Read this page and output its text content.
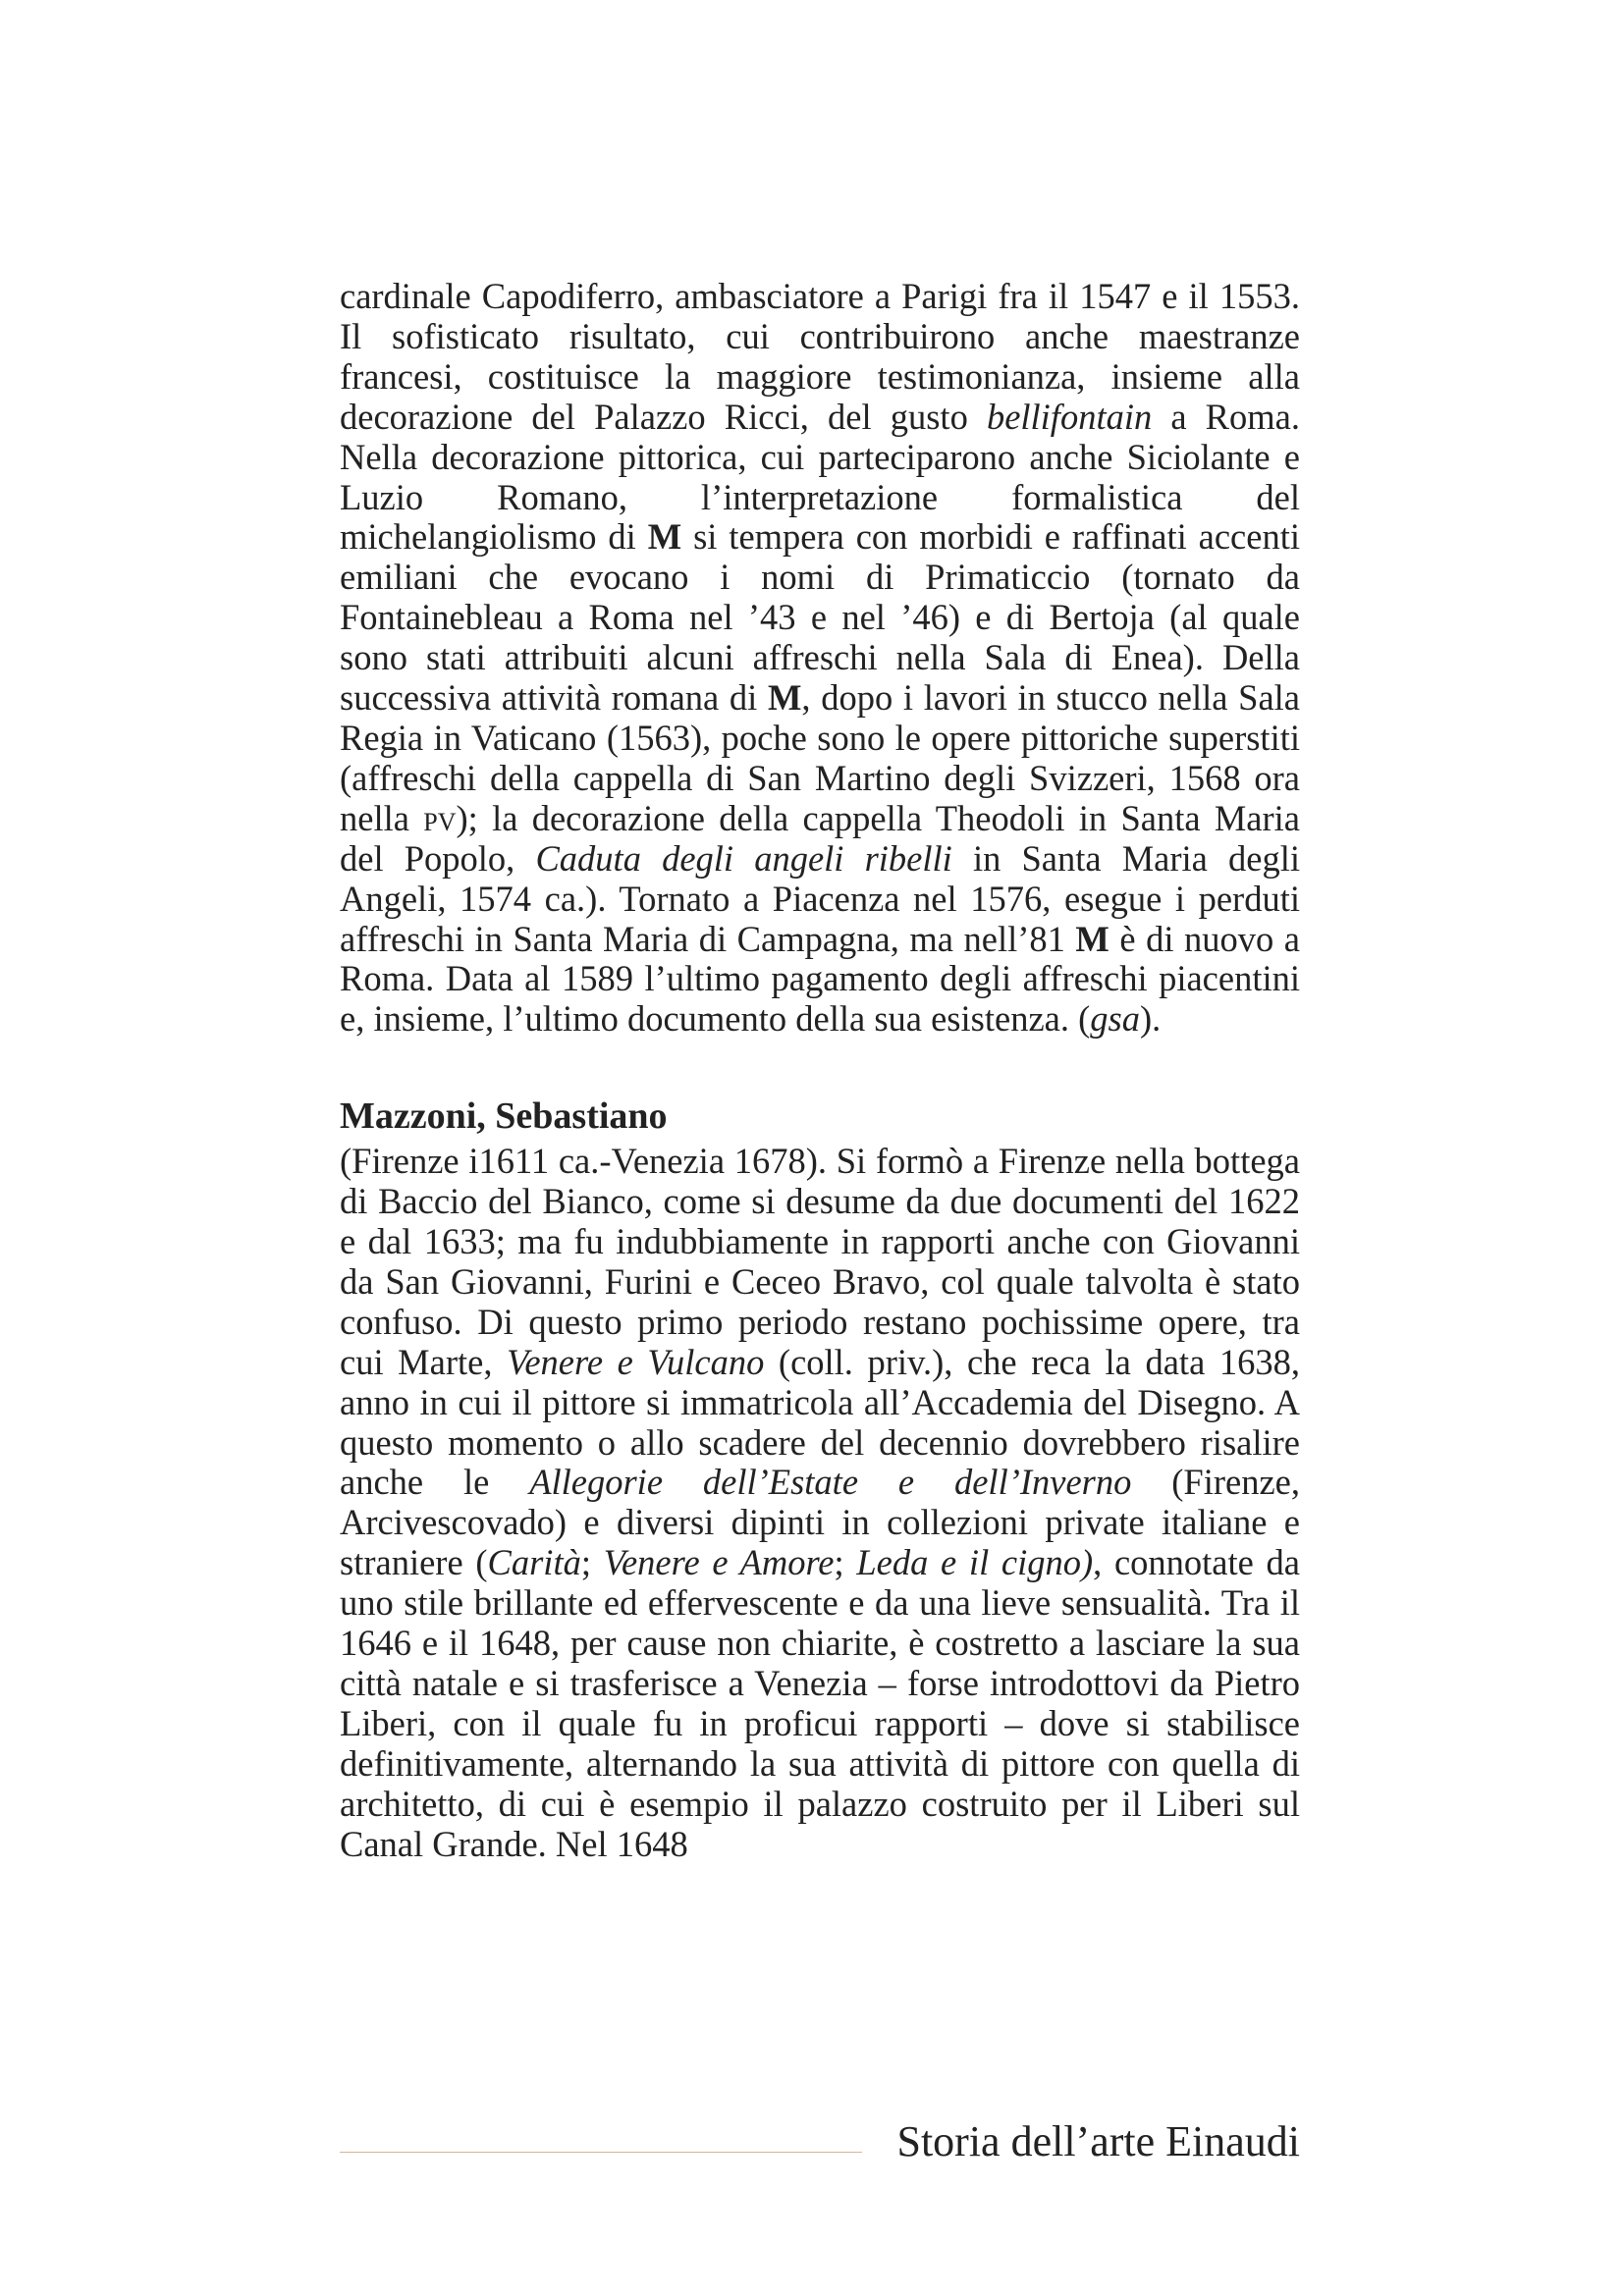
cardinale Capodiferro, ambasciatore a Parigi fra il 1547 e il 1553. Il sofisticato risultato, cui contribuirono anche maestranze francesi, costituisce la maggiore testimonianza, insieme alla decorazione del Palazzo Ricci, del gusto bellifontain a Roma. Nella decorazione pittorica, cui parteciparono anche Siciolante e Luzio Romano, l’interpretazione formalistica del michelangiolismo di M si tempera con morbidi e raffinati accenti emiliani che evocano i nomi di Primaticcio (tornato da Fontainebleau a Roma nel ’43 e nel ’46) e di Bertoja (al quale sono stati attribuiti alcuni affreschi nella Sala di Enea). Della successiva attività romana di M, dopo i lavori in stucco nella Sala Regia in Vaticano (1563), poche sono le opere pittoriche superstiti (affreschi della cappella di San Martino degli Svizzeri, 1568 ora nella pv); la decorazione della cappella Theodoli in Santa Maria del Popolo, Caduta degli angeli ribelli in Santa Maria degli Angeli, 1574 ca.). Tornato a Piacenza nel 1576, esegue i perduti affreschi in Santa Maria di Campagna, ma nell’81 M è di nuovo a Roma. Data al 1589 l’ultimo pagamento degli affreschi piacentini e, insieme, l’ultimo documento della sua esistenza. (gsa).

Mazzoni, Sebastiano

(Firenze i1611 ca.-Venezia 1678). Si formò a Firenze nella bottega di Baccio del Bianco, come si desume da due documenti del 1622 e dal 1633; ma fu indubbiamente in rapporti anche con Giovanni da San Giovanni, Furini e Ceceo Bravo, col quale talvolta è stato confuso. Di questo primo periodo restano pochissime opere, tra cui Marte, Venere e Vulcano (coll. priv.), che reca la data 1638, anno in cui il pittore si immatricola all’Accademia del Disegno. A questo momento o allo scadere del decennio dovrebbero risalire anche le Allegorie dell’Estate e dell’Inverno (Firenze, Arcivescovado) e diversi dipinti in collezioni private italiane e straniere (Carità; Venere e Amore; Leda e il cigno), connotate da uno stile brillante ed effervescente e da una lieve sensualità. Tra il 1646 e il 1648, per cause non chiarite, è costretto a lasciare la sua città natale e si trasferisce a Venezia – forse introdottovi da Pietro Liberi, con il quale fu in proficui rapporti – dove si stabilisce definitivamente, alternando la sua attività di pittore con quella di architetto, di cui è esempio il palazzo costruito per il Liberi sul Canal Grande. Nel 1648

Storia dell’arte Einaudi
